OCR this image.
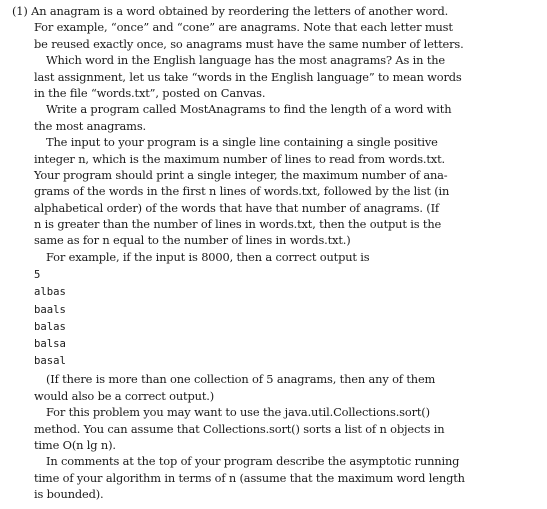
(1) An anagram is a word obtained by reordering the letters of another word.
For example, “once” and “cone” are anagrams. Note that each letter must
be reused exactly once, so anagrams must have the same number of letters.
Which word in the English language has the most anagrams? As in the
last assignment, let us take “words in the English language” to mean words
in the file “words.txt”, posted on Canvas.
Write a program called MostAnagrams to find the length of a word with
the most anagrams.
The input to your program is a single line containing a single positive
integer n, which is the maximum number of lines to read from words.txt.
Your program should print a single integer, the maximum number of ana-
grams of the words in the first n lines of words.txt, followed by the list (in
alphabetical order) of the words that have that number of anagrams. (If
n is greater than the number of lines in words.txt, then the output is the
same as for n equal to the number of lines in words.txt.)
For example, if the input is 8000, then a correct output is
5
albas
baals
balas
balsa
basal
(If there is more than one collection of 5 anagrams, then any of them
would also be a correct output.)
For this problem you may want to use the java.util.Collections.sort()
method. You can assume that Collections.sort() sorts a list of n objects in
time O(n lg n).
In comments at the top of your program describe the asymptotic running
time of your algorithm in terms of n (assume that the maximum word length
is bounded).
